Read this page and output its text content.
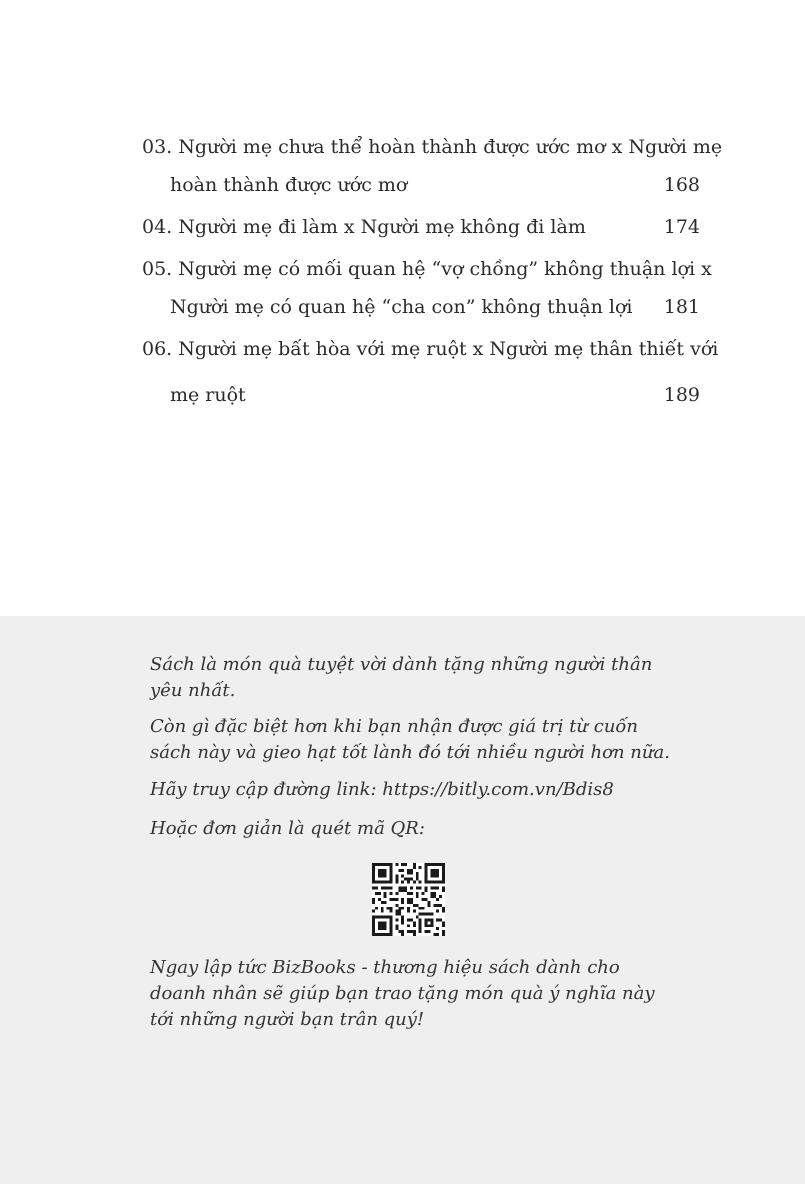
03. Người mẹ chưa thể hoàn thành được ước mơ x Người mẹ
hoàn thành được ước mơ	168
04. Người mẹ đi làm x Người mẹ không đi làm	174
05. Người mẹ có mối quan hệ “vợ chồng” không thuận lợi x
Người mẹ có quan hệ “cha con” không thuận lợi 181
06. Người mẹ bất hòa với mẹ ruột x Người mẹ thân thiết với
mẹ ruột	189

Sách là món quà tuyệt vời dành tặng những người thân yêu nhất.

Còn gì đặc biệt hơn khi bạn nhận được giá trị từ cuốn sách này và gieo hạt tốt lành đó tới nhiều người hơn nữa.

Hãy truy cập đường link: https://bitly.com.vn/Bdis8

Hoặc đơn giản là quét mã QR:

Ngay lập tức BizBooks - thương hiệu sách dành cho doanh nhân sẽ giúp bạn trao tặng món quà ý nghĩa này tới những người bạn trân quý!
